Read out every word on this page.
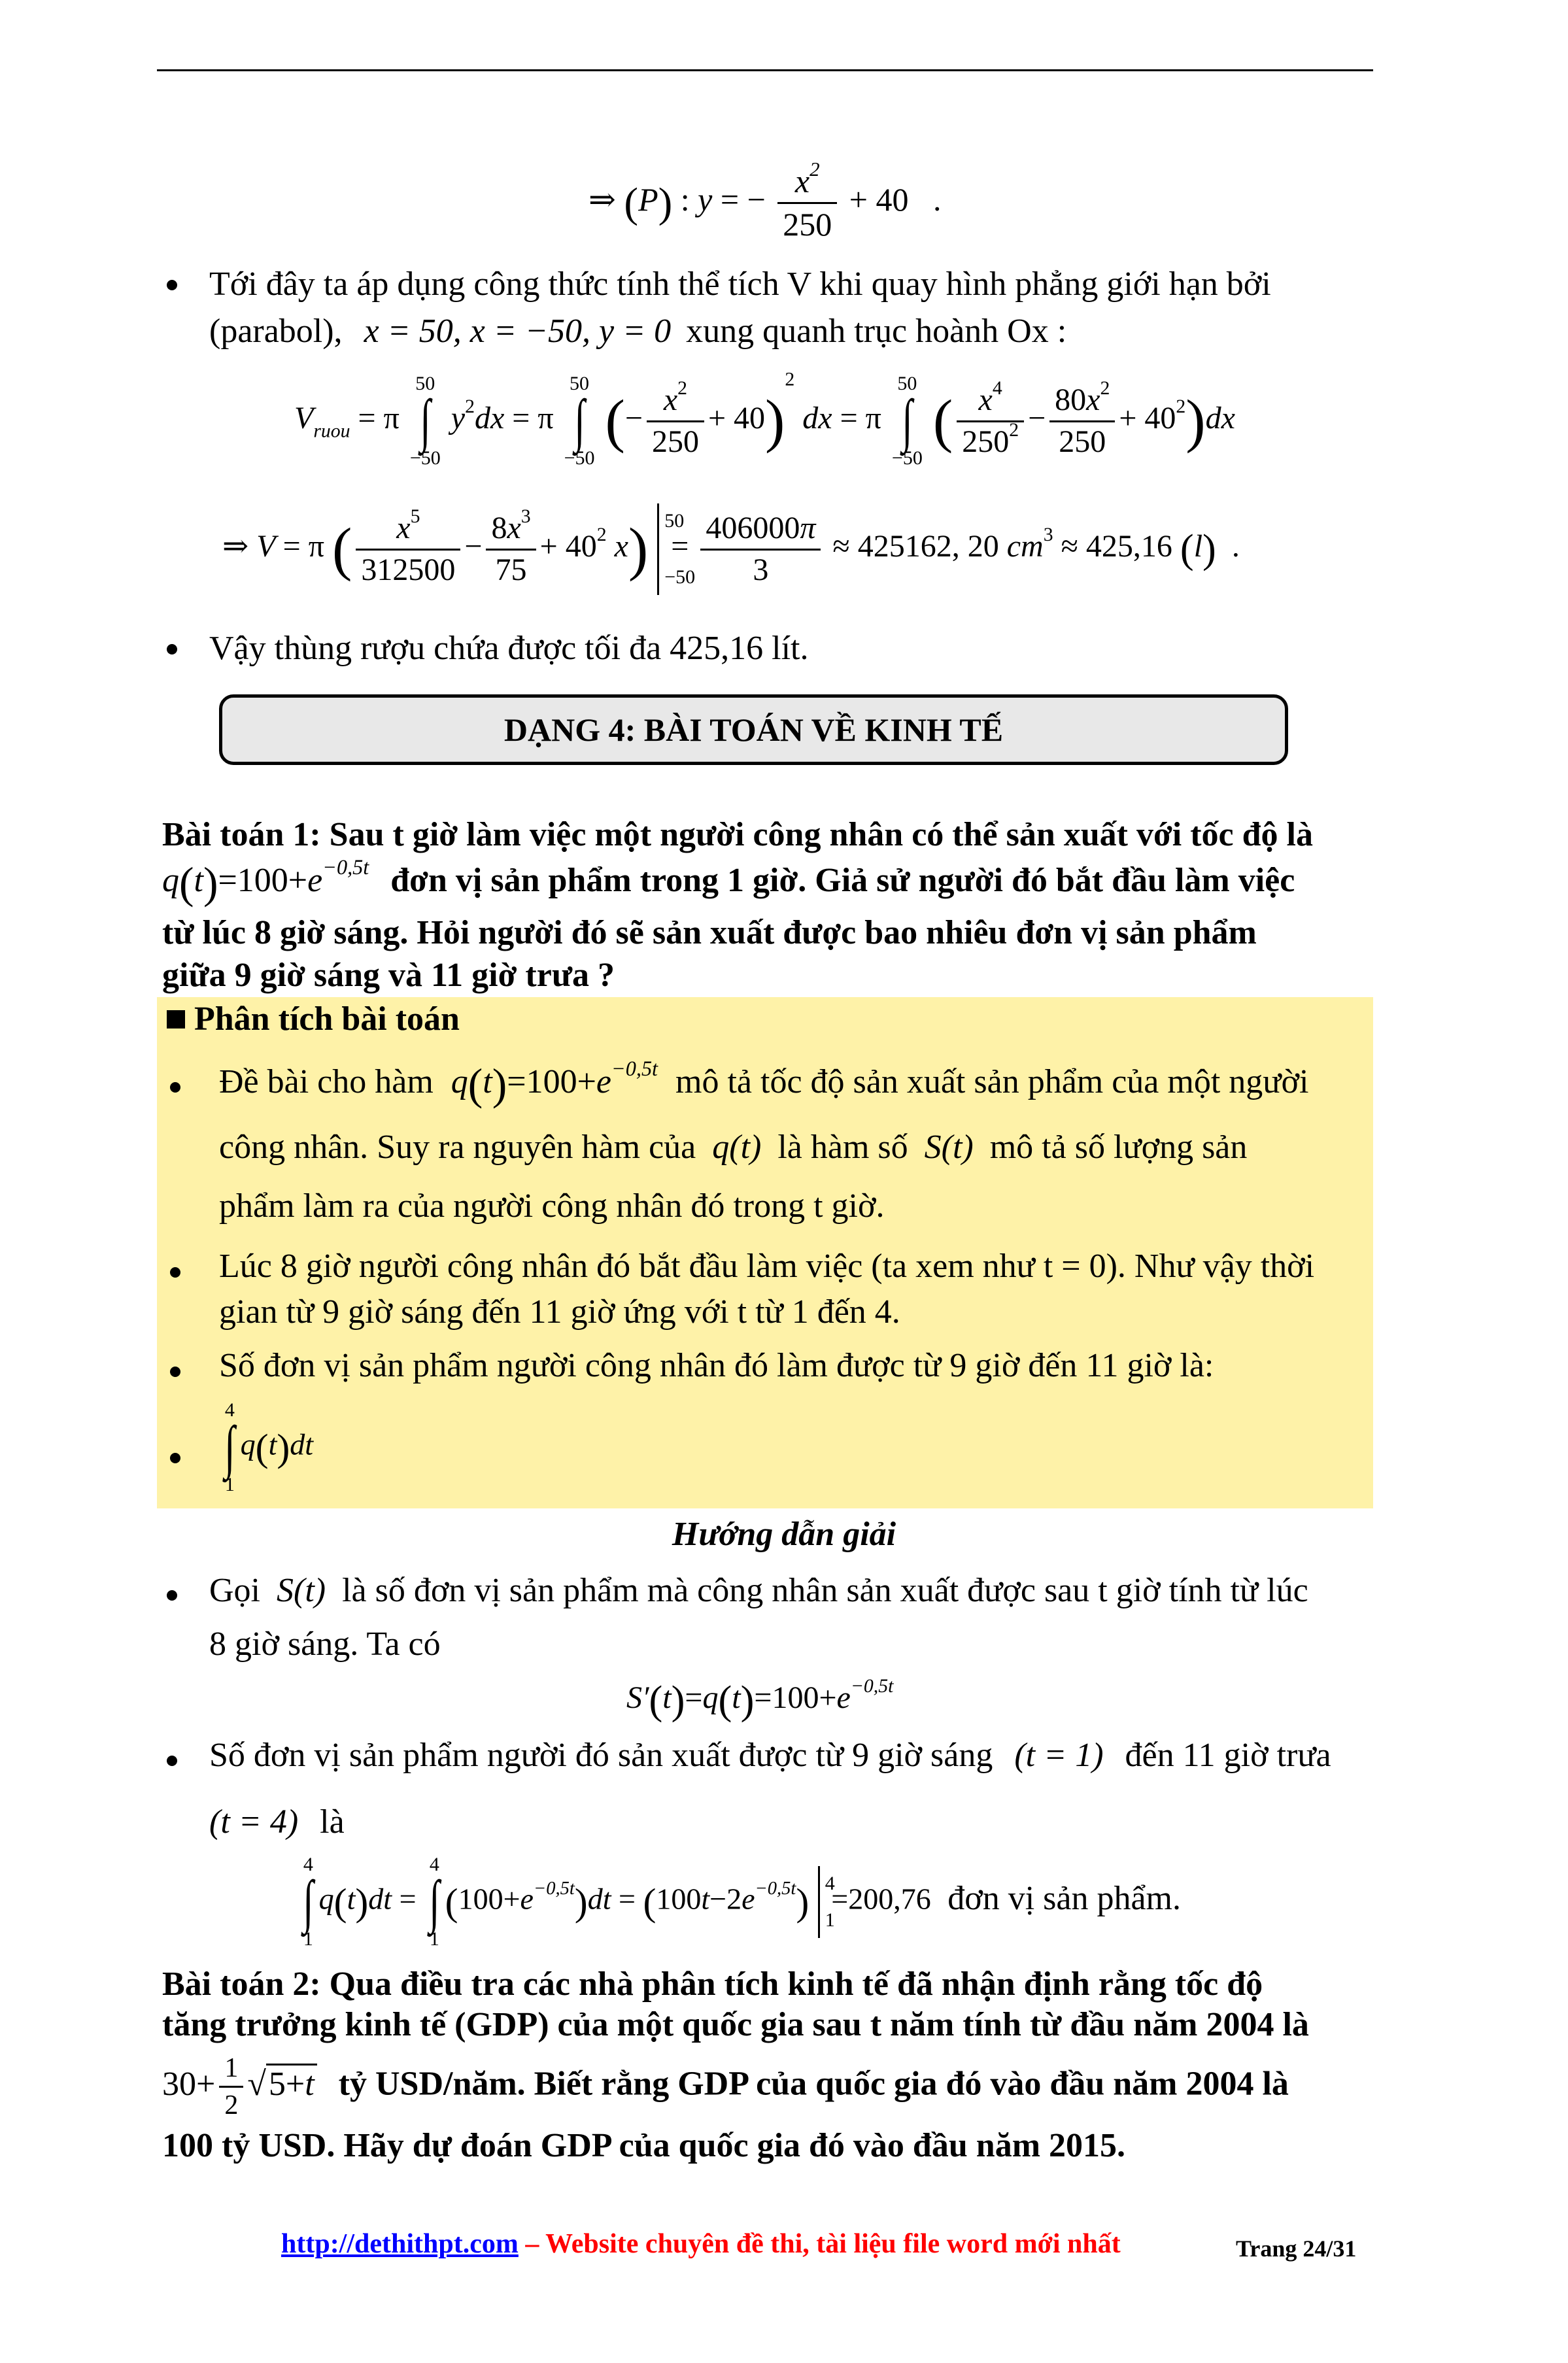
⇒ (P) : y = − $\frac{x^2}{250} + 40$   .
Tới đây ta áp dụng công thức tính thể tích V khi quay hình phẳng giới hạn bởi
(parabol), x = 50, x = −50, y = 0 xung quanh trục hoành Ox :
$V_{ruou} = \pi$
50
∫
−50
$y^2dx = \pi$
50
∫
−50
(− $\frac{x^2}{250} + 40)^2$ dx = π
50
∫
−50
( $\frac{x^4}{250^2} - \frac{80x^2}{250} + 40^2)dx$
⇒ V = π ( $\frac{x^5}{312500} - \frac{8x^3}{75} + 40^2$ x) 50
−50
= $\frac{406000\pi}{3} \approx 425162$, 20 $cm^3 \approx 425,16$ (l)  .
Vậy thùng rượu chứa được tối đa 425,16 lít.
DẠNG 4: BÀI TOÁN VỀ KINH TẾ
Bài toán 1: Sau t giờ làm việc một người công nhân có thể sản xuất với tốc độ là
$q(t)=100+e^{-0,5t}$ đơn vị sản phẩm trong 1 giờ. Giả sử người đó bắt đầu làm việc
từ lúc 8 giờ sáng. Hỏi người đó sẽ sản xuất được bao nhiêu đơn vị sản phẩm
giữa 9 giờ sáng và 11 giờ trưa ?
Phân tích bài toán
Đề bài cho hàm $q(t)=100+e^{-0,5t}$ mô tả tốc độ sản xuất sản phẩm của một người
công nhân. Suy ra nguyên hàm của q(t) là hàm số S(t) mô tả số lượng sản
phẩm làm ra của người công nhân đó trong t giờ.
Lúc 8 giờ người công nhân đó bắt đầu làm việc (ta xem như t = 0). Như vậy thời
gian từ 9 giờ sáng đến 11 giờ ứng với t từ 1 đến 4.
Số đơn vị sản phẩm người công nhân đó làm được từ 9 giờ đến 11 giờ là:
4
∫
1
q(t)dt
Hướng dẫn giải
Gọi S(t) là số đơn vị sản phẩm mà công nhân sản xuất được sau t giờ tính từ lúc
8 giờ sáng. Ta có
$S'(t)=q(t)=100+e^{-0,5t}$
Số đơn vị sản phẩm người đó sản xuất được từ 9 giờ sáng (t = 1) đến 11 giờ trưa
(t = 4) là
4
∫
1
q(t)dt =
4
∫
1
$(100+e^{-0,5t})dt = (100t-2e^{-0,5t})$ 4
1
=200,76 đơn vị sản phẩm.
Bài toán 2: Qua điều tra các nhà phân tích kinh tế đã nhận định rằng tốc độ
tăng trưởng kinh tế (GDP) của một quốc gia sau t năm tính từ đầu năm 2004 là
$30+ \frac{1}{2} √5+t$ tỷ USD/năm. Biết rằng GDP của quốc gia đó vào đầu năm 2004 là
100 tỷ USD. Hãy dự đoán GDP của quốc gia đó vào đầu năm 2015.
http://dethithpt.com – Website chuyên đề thi, tài liệu file word mới nhất	Trang 24/31
